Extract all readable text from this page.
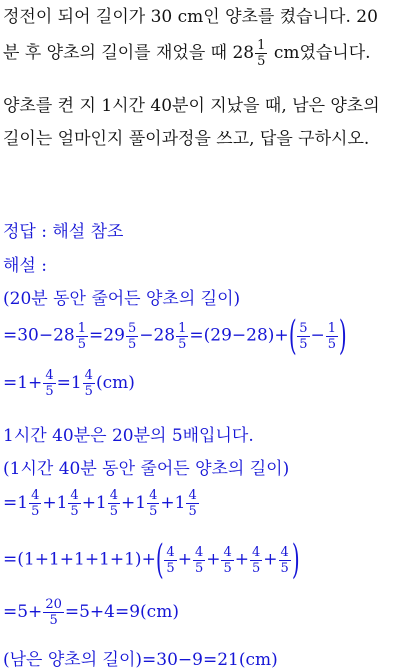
정전이 되어 길이가 30 cm인 양초를 켰습니다. 20
분 후 양초의 길이를 재었을 때 $28 \frac{1}{5}$ cm였습니다.
양초를 켠 지 1시간 40분이 지났을 때, 남은 양초의
길이는 얼마인지 풀이과정을 쓰고, 답을 구하시오.
정답 : 해설 참조
해설 :
(20분 동안 줄어든 양초의 길이)
$=30-28 \frac{1}{5} =29 \frac{5}{5} -28 \frac{1}{5} =(29-28)+( \frac{5}{5} - \frac{1}{5}$ )
$=1+ \frac{4}{5} =1 \frac{4}{5} (cm)$
1시간 40분은 20분의 5배입니다.
(1시간 40분 동안 줄어든 양초의 길이)
$=1 \frac{4}{5} +1 \frac{4}{5} +1 \frac{4}{5} +1 \frac{4}{5} +1 \frac{4}{5}$
$=(1+1+1+1+1)+( \frac{4}{5} + \frac{4}{5} + \frac{4}{5} + \frac{4}{5} + \frac{4}{5}$ )
$=5+ \frac{20}{5} =5+4=9(cm)$
(남은 양초의 길이)=30−9=21(cm)
